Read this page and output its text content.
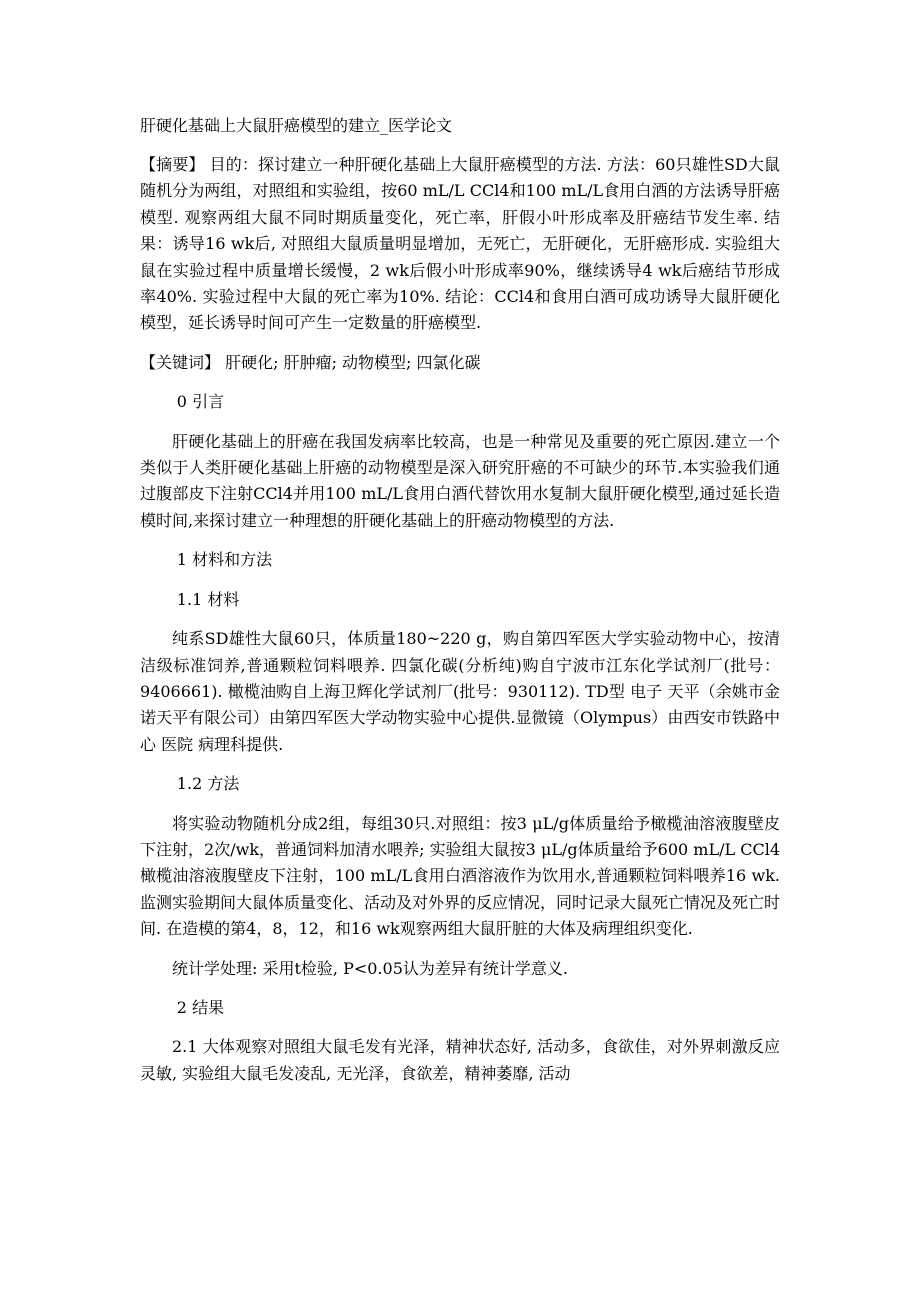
肝硬化基础上大鼠肝癌模型的建立_医学论文

【摘要】 目的：探讨建立一种肝硬化基础上大鼠肝癌模型的方法. 方法：60只雄性SD大鼠随机分为两组，对照组和实验组，按60 mL/L CCl4和100 mL/L食用白酒的方法诱导肝癌模型. 观察两组大鼠不同时期质量变化，死亡率，肝假小叶形成率及肝癌结节发生率. 结果：诱导16 wk后, 对照组大鼠质量明显增加，无死亡，无肝硬化，无肝癌形成. 实验组大鼠在实验过程中质量增长缓慢，2 wk后假小叶形成率90%，继续诱导4 wk后癌结节形成率40%. 实验过程中大鼠的死亡率为10%. 结论：CCl4和食用白酒可成功诱导大鼠肝硬化模型，延长诱导时间可产生一定数量的肝癌模型.

【关键词】 肝硬化; 肝肿瘤; 动物模型; 四氯化碳

0 引言

肝硬化基础上的肝癌在我国发病率比较高，也是一种常见及重要的死亡原因.建立一个类似于人类肝硬化基础上肝癌的动物模型是深入研究肝癌的不可缺少的环节.本实验我们通过腹部皮下注射CCl4并用100 mL/L食用白酒代替饮用水复制大鼠肝硬化模型,通过延长造模时间,来探讨建立一种理想的肝硬化基础上的肝癌动物模型的方法.

1 材料和方法

1.1 材料

纯系SD雄性大鼠60只，体质量180~220 g，购自第四军医大学实验动物中心，按清洁级标准饲养,普通颗粒饲料喂养. 四氯化碳(分析纯)购自宁波市江东化学试剂厂(批号：9406661). 橄榄油购自上海卫辉化学试剂厂(批号：930112). TD型 电子 天平（余姚市金诺天平有限公司）由第四军医大学动物实验中心提供.显微镜（Olympus）由西安市铁路中心 医院 病理科提供.

1.2 方法

将实验动物随机分成2组，每组30只.对照组：按3 μL/g体质量给予橄榄油溶液腹壁皮下注射，2次/wk，普通饲料加清水喂养; 实验组大鼠按3 μL/g体质量给予600 mL/L CCl4橄榄油溶液腹壁皮下注射，100 mL/L食用白酒溶液作为饮用水,普通颗粒饲料喂养16 wk.监测实验期间大鼠体质量变化、活动及对外界的反应情况，同时记录大鼠死亡情况及死亡时间. 在造模的第4，8，12，和16 wk观察两组大鼠肝脏的大体及病理组织变化.

统计学处理: 采用t检验, P<0.05认为差异有统计学意义.

2 结果

2.1 大体观察对照组大鼠毛发有光泽，精神状态好, 活动多，食欲佳，对外界刺激反应灵敏, 实验组大鼠毛发凌乱, 无光泽，食欲差，精神萎靡, 活动
